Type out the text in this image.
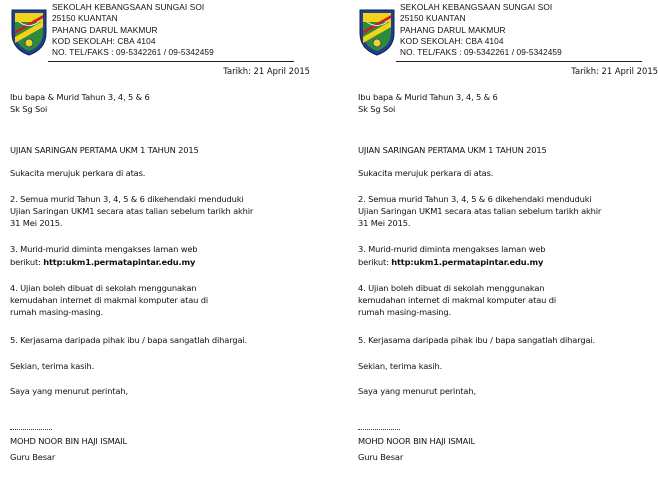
SEKOLAH KEBANGSAAN SUNGAI SOI
25150 KUANTAN
PAHANG DARUL MAKMUR
KOD SEKOLAH: CBA 4104
NO. TEL/FAKS : 09-5342261 / 09-5342459
Tarikh: 21 April 2015
Ibu bapa & Murid Tahun 3, 4, 5 & 6
Sk Sg Soi
UJIAN SARINGAN PERTAMA UKM 1 TAHUN 2015
Sukacita merujuk perkara di atas.
2. Semua murid Tahun 3, 4, 5 & 6 dikehendaki menduduki
Ujian Saringan UKM1 secara atas talian sebelum tarikh akhir
31 Mei 2015.
3. Murid-murid diminta mengakses laman web
berikut: http:ukm1.permatapintar.edu.my
4. Ujian boleh dibuat di sekolah menggunakan
kemudahan internet di makmal komputer atau di
rumah masing-masing.
5. Kerjasama daripada pihak ibu / bapa sangatlah dihargai.
Sekian, terima kasih.
Saya yang menurut perintah,
MOHD NOOR BIN HAJI ISMAIL
Guru Besar
SEKOLAH KEBANGSAAN SUNGAI SOI
25150 KUANTAN
PAHANG DARUL MAKMUR
KOD SEKOLAH: CBA 4104
NO. TEL/FAKS : 09-5342261 / 09-5342459
Tarikh: 21 April 2015
Ibu bapa & Murid Tahun 3, 4, 5 & 6
Sk Sg Soi
UJIAN SARINGAN PERTAMA UKM 1 TAHUN 2015
Sukacita merujuk perkara di atas.
2. Semua murid Tahun 3, 4, 5 & 6 dikehendaki menduduki
Ujian Saringan UKM1 secara atas talian sebelum tarikh akhir
31 Mei 2015.
3. Murid-murid diminta mengakses laman web
berikut: http:ukm1.permatapintar.edu.my
4. Ujian boleh dibuat di sekolah menggunakan
kemudahan internet di makmal komputer atau di
rumah masing-masing.
5. Kerjasama daripada pihak ibu / bapa sangatlah dihargai.
Sekian, terima kasih.
Saya yang menurut perintah,
MOHD NOOR BIN HAJI ISMAIL
Guru Besar
